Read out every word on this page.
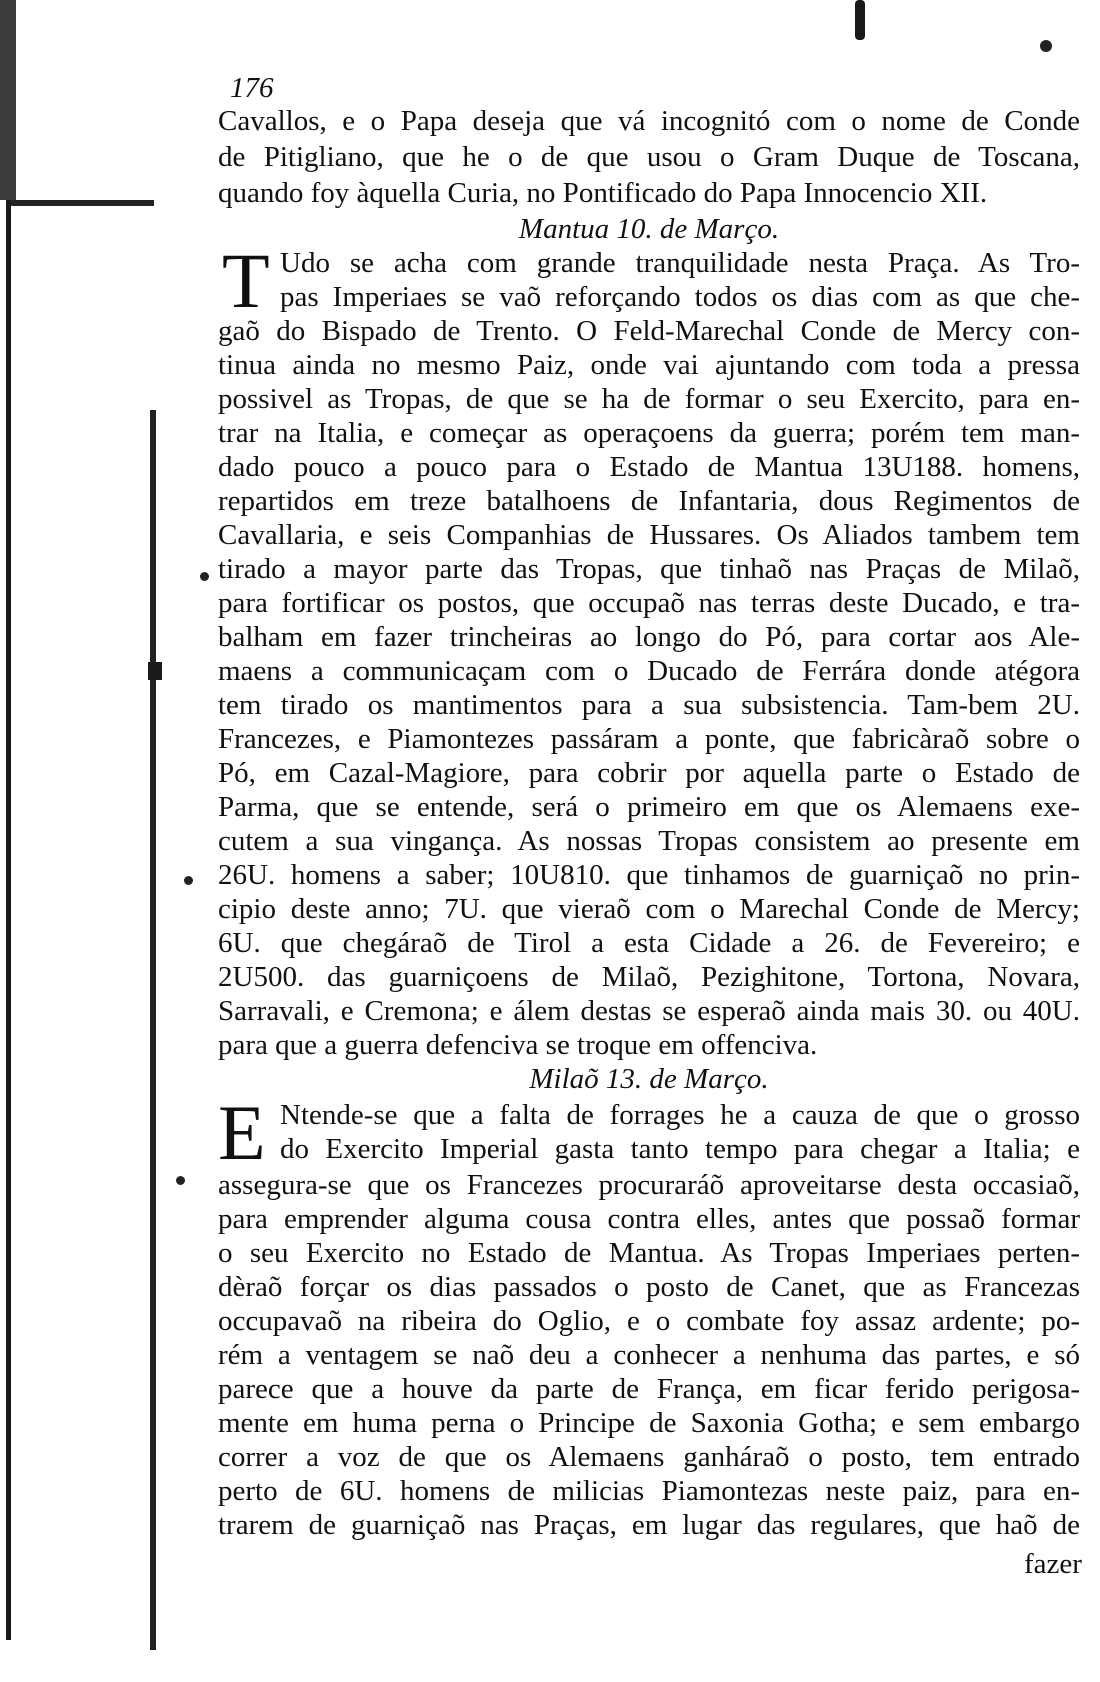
176
Cavallos, e o Papa deseja que vá incognitó com o nome de Conde
de Pitigliano, que he o de que usou o Gram Duque de Toscana,
quando foy àquella Curia, no Pontificado do Papa Innocencio XII.
Mantua 10. de Março.
T Udo se acha com grande tranquilidade nesta Praça. As Tro-
pas Imperiaes se vaõ reforçando todos os dias com as que che-
gaõ do Bispado de Trento. O Feld-Marechal Conde de Mercy con-
tinua ainda no mesmo Paiz, onde vai ajuntando com toda a pressa
possivel as Tropas, de que se ha de formar o seu Exercito, para en-
trar na Italia, e começar as operaçoens da guerra; porém tem man-
dado pouco a pouco para o Estado de Mantua 13U188. homens,
repartidos em treze batalhoens de Infantaria, dous Regimentos de
Cavallaria, e seis Companhias de Hussares. Os Aliados tambem tem
tirado a mayor parte das Tropas, que tinhaõ nas Praças de Milaõ,
para fortificar os postos, que occupaõ nas terras deste Ducado, e tra-
balham em fazer trincheiras ao longo do Pó, para cortar aos Ale-
maens a communicaçam com o Ducado de Ferrára donde atégora
tem tirado os mantimentos para a sua subsistencia. Tam-bem 2U.
Francezes, e Piamontezes passáram a ponte, que fabricàraõ sobre o
Pó, em Cazal-Magiore, para cobrir por aquella parte o Estado de
Parma, que se entende, será o primeiro em que os Alemaens exe-
cutem a sua vingança. As nossas Tropas consistem ao presente em
26U. homens a saber; 10U810. que tinhamos de guarniçaõ no prin-
cipio deste anno; 7U. que vieraõ com o Marechal Conde de Mercy;
6U. que chegáraõ de Tirol a esta Cidade a 26. de Fevereiro; e
2U500. das guarniçoens de Milaõ, Pezighitone, Tortona, Novara,
Sarravali, e Cremona; e álem destas se esperaõ ainda mais 30. ou 40U.
para que a guerra defenciva se troque em offenciva.
Milaõ 13. de Março.
E Ntende-se que a falta de forrages he a cauza de que o grosso
do Exercito Imperial gasta tanto tempo para chegar a Italia; e
assegura-se que os Francezes procuraráõ aproveitarse desta occasiaõ,
para emprender alguma cousa contra elles, antes que possaõ formar
o seu Exercito no Estado de Mantua. As Tropas Imperiaes perten-
dèraõ forçar os dias passados o posto de Canet, que as Francezas
occupavaõ na ribeira do Oglio, e o combate foy assaz ardente; po-
rém a ventagem se naõ deu a conhecer a nenhuma das partes, e só
parece que a houve da parte de França, em ficar ferido perigosa-
mente em huma perna o Principe de Saxonia Gotha; e sem embargo
correr a voz de que os Alemaens ganháraõ o posto, tem entrado
perto de 6U. homens de milicias Piamontezas neste paiz, para en-
trarem de guarniçaõ nas Praças, em lugar das regulares, que haõ de
fazer
